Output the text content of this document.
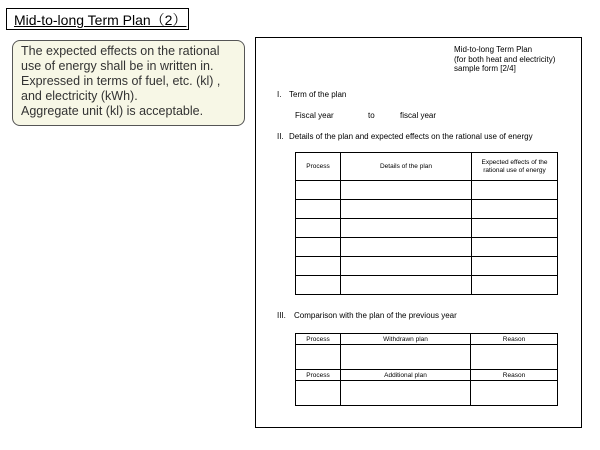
Mid-to-long Term Plan（2）
The expected effects on the rational
use of energy shall be in written in.
Expressed in terms of fuel, etc. (kl) ,
and electricity (kWh).
Aggregate unit (kl) is acceptable.
Mid-to-long Term Plan
(for both heat and electricity)
sample form [2/4]
I. Term of the plan
Fiscal year	to	fiscal year
II. Details of the plan and expected effects on the rational use of energy
Process	Details of the plan	Expected effects of the rational use of energy

III. Comparison with the plan of the previous year
Process	Withdrawn plan	Reason

Process	Additional plan	Reason
